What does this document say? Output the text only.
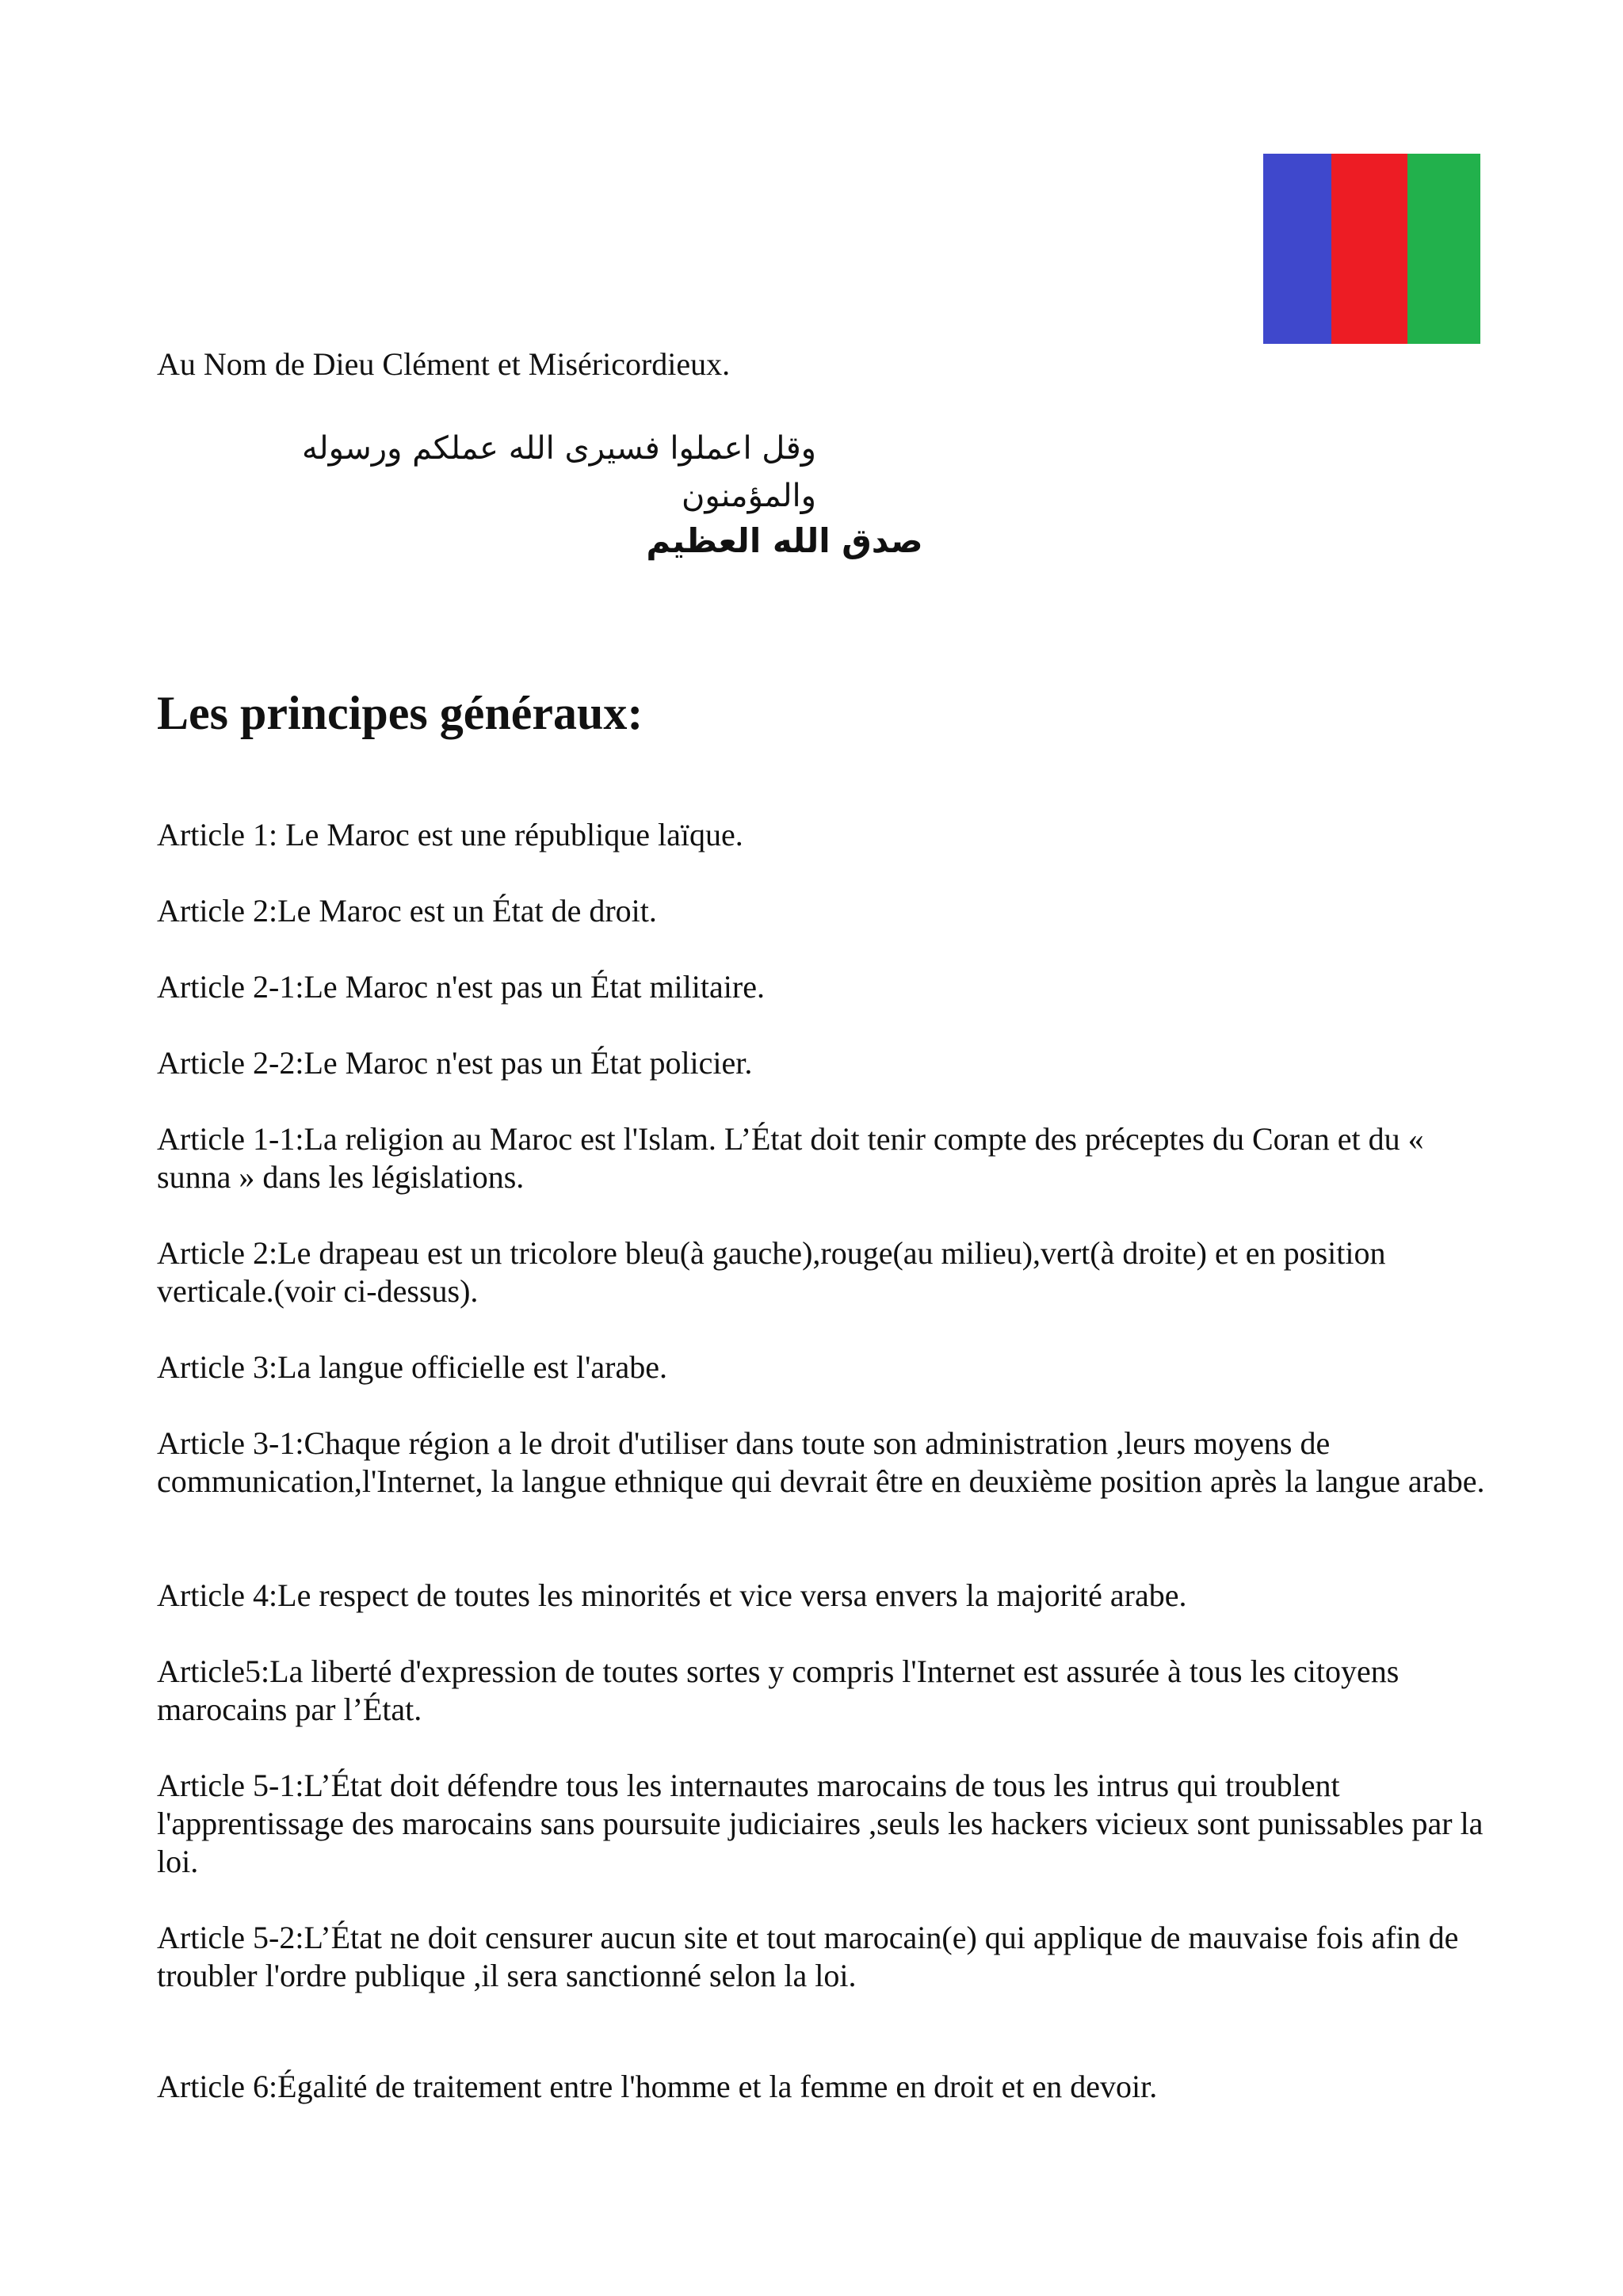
Au Nom de Dieu Clément et Miséricordieux.

وقل اعملوا فسيرى الله عملكم ورسوله والمؤمنون

صدق الله العظيم

Les principes généraux:

Article 1: Le Maroc est une république laïque.

Article 2:Le Maroc est un État de droit.

Article 2-1:Le Maroc n'est pas un État militaire.

Article 2-2:Le Maroc n'est pas un État policier.

Article 1-1:La religion au Maroc est l'Islam. L’État doit tenir compte des préceptes du Coran et du « sunna » dans les législations.

Article 2:Le drapeau est un tricolore bleu(à gauche),rouge(au milieu),vert(à droite) et en position verticale.(voir ci-dessus).

Article 3:La langue officielle est l'arabe.

Article 3-1:Chaque région a le droit d'utiliser dans toute son administration ,leurs moyens de communication,l'Internet, la langue ethnique qui devrait être en deuxième position après la langue arabe.

Article 4:Le respect de toutes les minorités et vice versa envers la majorité arabe.

Article5:La liberté d'expression de toutes sortes y compris l'Internet est assurée à tous les citoyens marocains par l’État.

Article 5-1:L’État doit défendre tous les internautes marocains de tous les intrus qui troublent l'apprentissage des marocains sans poursuite judiciaires ,seuls les hackers vicieux sont punissables par la loi.

Article 5-2:L’État ne doit censurer aucun site et tout marocain(e) qui applique de mauvaise fois afin de troubler l'ordre publique ,il sera sanctionné selon la loi.

Article 6:Égalité de traitement entre l'homme et la femme en droit et en devoir.
